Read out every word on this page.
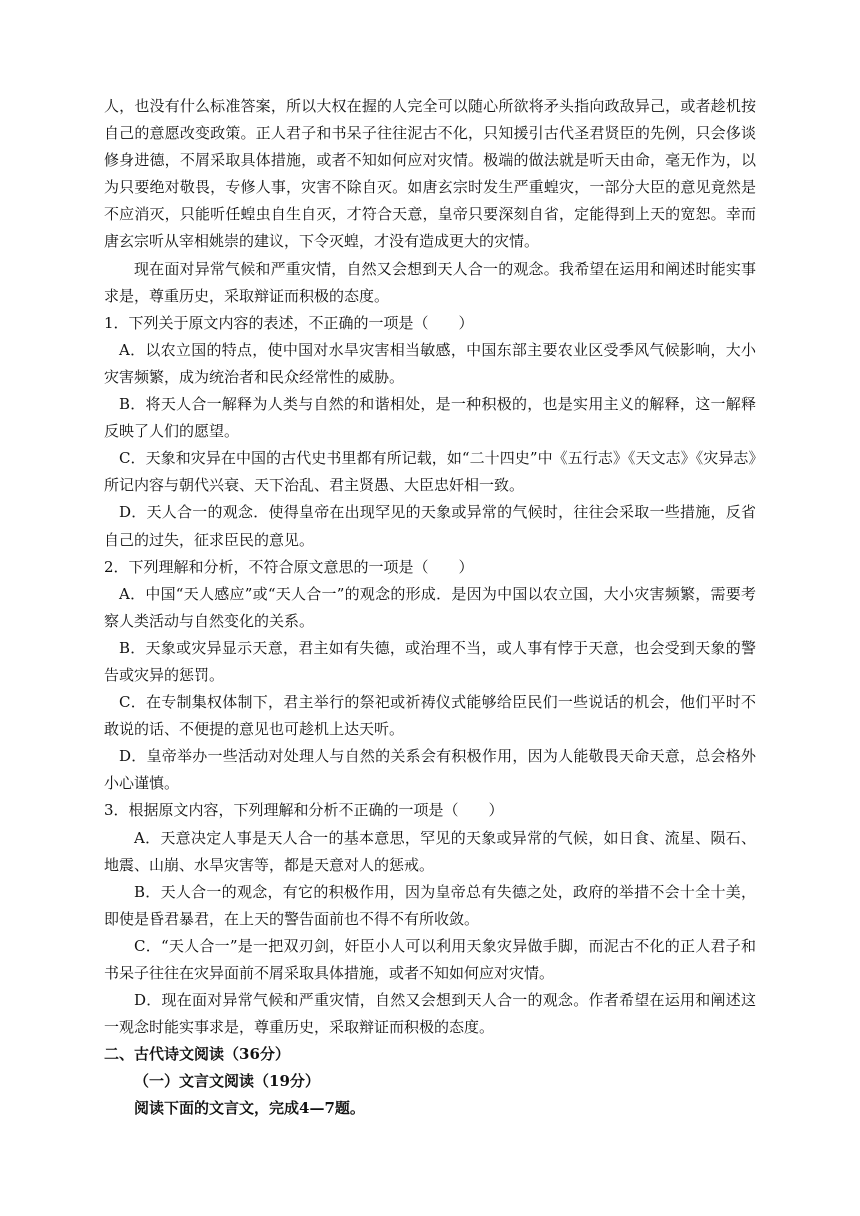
人，也没有什么标准答案，所以大权在握的人完全可以随心所欲将矛头指向政敌异己，或者趁机按自己的意愿改变政策。正人君子和书呆子往往泥古不化，只知援引古代圣君贤臣的先例，只会侈谈修身进德，不屑采取具体措施，或者不知如何应对灾情。极端的做法就是听天由命，毫无作为，以为只要绝对敬畏，专修人事，灾害不除自灭。如唐玄宗时发生严重蝗灾，一部分大臣的意见竟然是不应消灭，只能听任蝗虫自生自灭，才符合天意，皇帝只要深刻自省，定能得到上天的宽恕。幸而唐玄宗听从宰相姚崇的建议，下令灭蝗，才没有造成更大的灾情。

现在面对异常气候和严重灾情，自然又会想到天人合一的观念。我希望在运用和阐述时能实事求是，尊重历史，采取辩证而积极的态度。

1．下列关于原文内容的表述，不正确的一项是（　　）

A．以农立国的特点，使中国对水旱灾害相当敏感，中国东部主要农业区受季风气候影响，大小灾害频繁，成为统治者和民众经常性的威胁。

B．将天人合一解释为人类与自然的和谐相处，是一种积极的，也是实用主义的解释，这一解释反映了人们的愿望。

C．天象和灾异在中国的古代史书里都有所记载，如“二十四史”中《五行志》《天文志》《灾异志》所记内容与朝代兴衰、天下治乱、君主贤愚、大臣忠奸相一致。

D．天人合一的观念．使得皇帝在出现罕见的天象或异常的气候时，往往会采取一些措施，反省自己的过失，征求臣民的意见。

2．下列理解和分析，不符合原文意思的一项是（　　）

A．中国“天人感应”或“天人合一”的观念的形成．是因为中国以农立国，大小灾害频繁，需要考察人类活动与自然变化的关系。

B．天象或灾异显示天意，君主如有失德，或治理不当，或人事有悖于天意，也会受到天象的警告或灾异的惩罚。

C．在专制集权体制下，君主举行的祭祀或祈祷仪式能够给臣民们一些说话的机会，他们平时不敢说的话、不便提的意见也可趁机上达天听。

D．皇帝举办一些活动对处理人与自然的关系会有积极作用，因为人能敬畏天命天意，总会格外小心谨慎。

3．根据原文内容，下列理解和分析不正确的一项是（　　）

A．天意决定人事是天人合一的基本意思，罕见的天象或异常的气候，如日食、流星、陨石、地震、山崩、水旱灾害等，都是天意对人的惩戒。

B．天人合一的观念，有它的积极作用，因为皇帝总有失德之处，政府的举措不会十全十美，即使是昏君暴君，在上天的警告面前也不得不有所收敛。

C．“天人合一”是一把双刃剑，奸臣小人可以利用天象灾异做手脚，而泥古不化的正人君子和书呆子往往在灾异面前不屑采取具体措施，或者不知如何应对灾情。

D．现在面对异常气候和严重灾情，自然又会想到天人合一的观念。作者希望在运用和阐述这一观念时能实事求是，尊重历史，采取辩证而积极的态度。

二、古代诗文阅读（36分）

（一）文言文阅读（19分）

阅读下面的文言文，完成4—7题。
